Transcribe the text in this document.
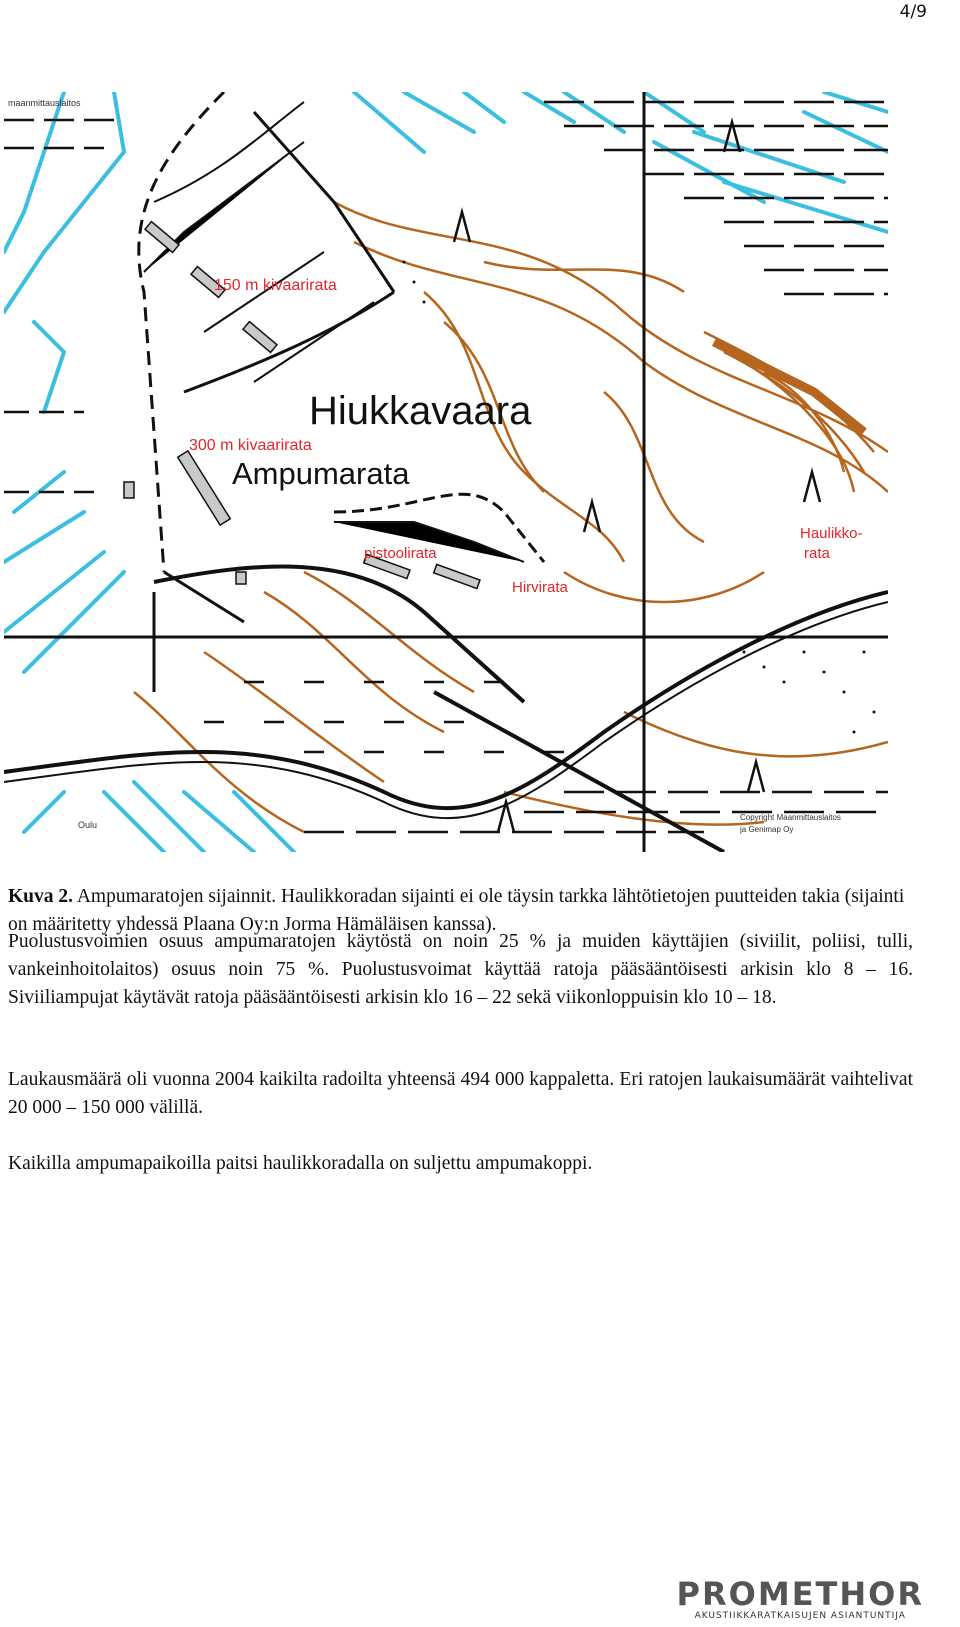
4/9
Hiukkavaara
Ampumarata
150 m kivaarirata
300 m kivaarirata
pistoolirata
Hirvirata
Haulikko-
rata
maanmittauslaitos
Copyright Maanmittauslaitos
ja Genimap Oy
Oulu

Kuva 2. Ampumaratojen sijainnit. Haulikkoradan sijainti ei ole täysin tarkka lähtötietojen puutteiden takia (sijainti on määritetty yhdessä Plaana Oy:n Jorma Hämäläisen kanssa).

Puolustusvoimien osuus ampumaratojen käytöstä on noin 25 % ja muiden käyttäjien (siviilit, poliisi, tulli, vankeinhoitolaitos) osuus noin 75 %. Puolustusvoimat käyttää ratoja pääsääntöisesti arkisin klo 8 – 16. Siviiliampujat käytävät ratoja pääsääntöisesti arkisin klo 16 – 22 sekä viikonloppuisin klo 10 – 18.

Laukausmäärä oli vuonna 2004 kaikilta radoilta yhteensä 494 000 kappaletta. Eri ratojen laukaisumäärät vaihtelivat 20 000 – 150 000 välillä.

Kaikilla ampumapaikoilla paitsi haulikkoradalla on suljettu ampumakoppi.

PROMETHOR
AKUSTIIKKARATKAISUJEN ASIANTUNTIJA
